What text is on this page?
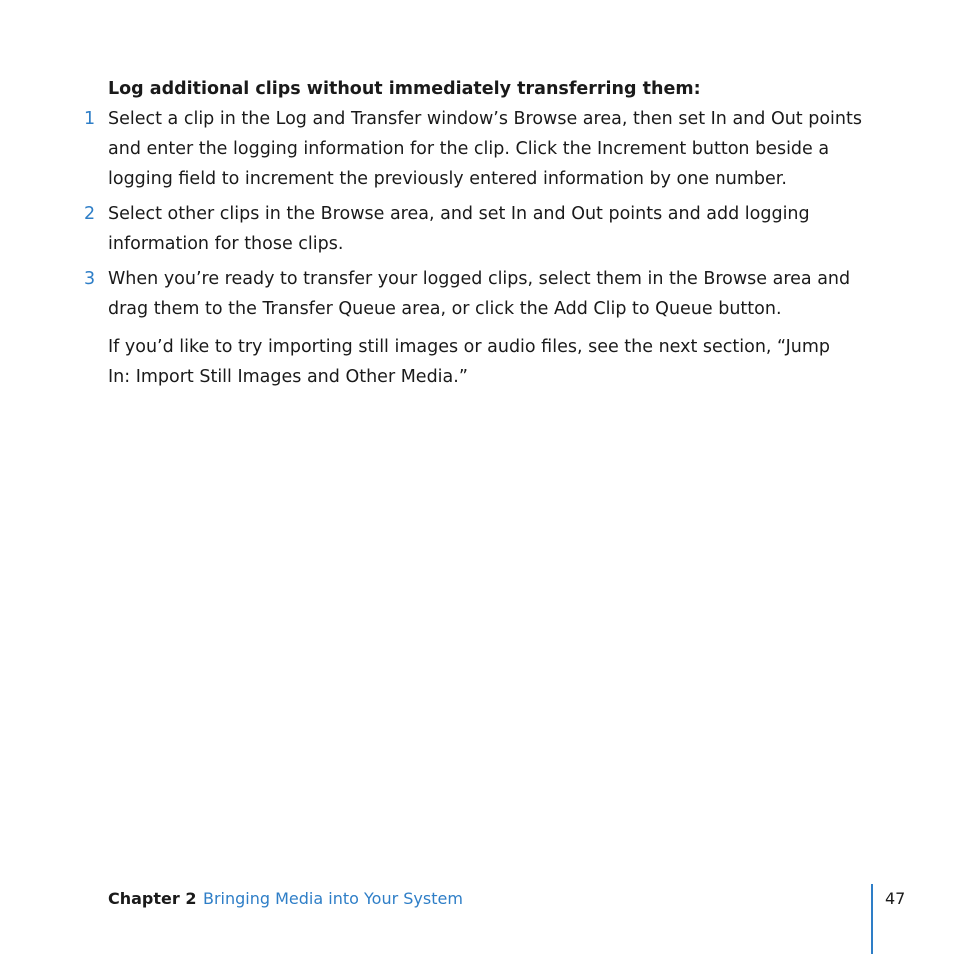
Log additional clips without immediately transferring them:
1 Select a clip in the Log and Transfer window’s Browse area, then set In and Out points and enter the logging information for the clip. Click the Increment button beside a logging field to increment the previously entered information by one number.
2 Select other clips in the Browse area, and set In and Out points and add logging information for those clips.
3 When you’re ready to transfer your logged clips, select them in the Browse area and drag them to the Transfer Queue area, or click the Add Clip to Queue button.

If you’d like to try importing still images or audio files, see the next section, “Jump In: Import Still Images and Other Media.”

Chapter 2 Bringing Media into Your System	47
